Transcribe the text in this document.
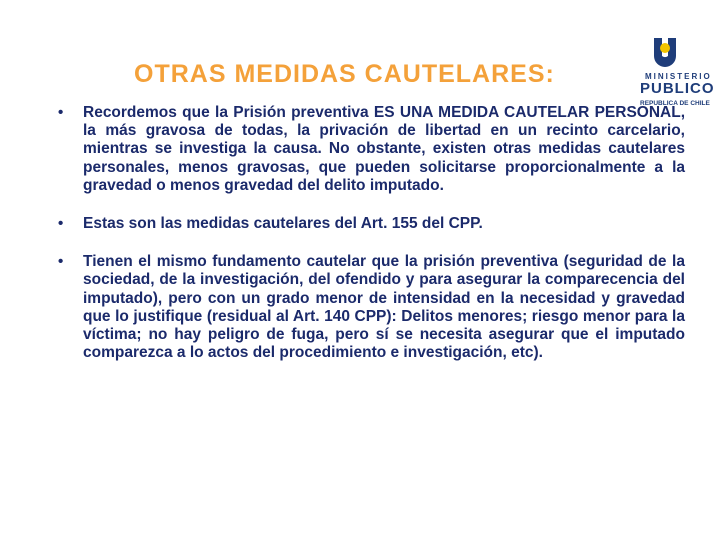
MINISTERIO
PUBLICO
REPUBLICA DE CHILE
OTRAS MEDIDAS CAUTELARES:
• Recordemos que la Prisión preventiva ES UNA MEDIDA CAUTELAR PERSONAL, la más gravosa de todas, la privación de libertad en un recinto carcelario, mientras se investiga la causa. No obstante, existen otras medidas cautelares personales, menos gravosas, que pueden solicitarse proporcionalmente a la gravedad o menos gravedad del delito imputado.
• Estas son las medidas cautelares del Art. 155 del CPP.
• Tienen el mismo fundamento cautelar que la prisión preventiva (seguridad de la sociedad, de la investigación, del ofendido y para asegurar la comparecencia del imputado), pero con un grado menor de intensidad en la necesidad y gravedad que lo justifique (residual al Art. 140 CPP): Delitos menores; riesgo menor para la víctima; no hay peligro de fuga, pero sí se necesita asegurar que el imputado comparezca a lo actos del procedimiento e investigación, etc).
